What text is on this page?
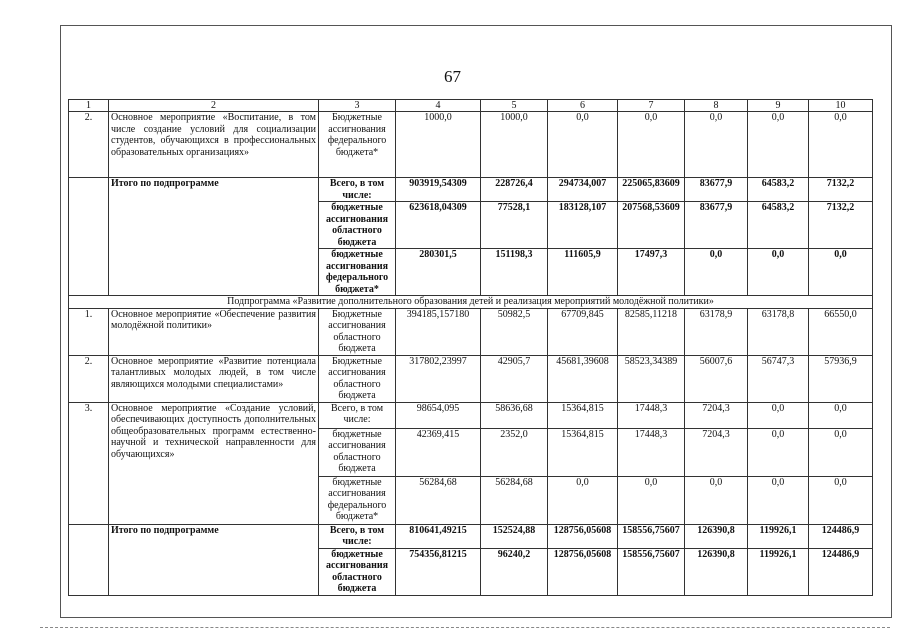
67
1	2	3	4	5	6	7	8	9	10
2.	Основное мероприятие «Воспитание, в том числе создание условий для социализации студентов, обучающихся в профессиональных образовательных организациях»	Бюджетные ассигнования федерального бюджета*	1000,0	1000,0	0,0	0,0	0,0	0,0	0,0
	Итого по подпрограмме	Всего, в том числе:	903919,54309	228726,4	294734,007	225065,83609	83677,9	64583,2	7132,2
		бюджетные ассигнования областного бюджета	623618,04309	77528,1	183128,107	207568,53609	83677,9	64583,2	7132,2
		бюджетные ассигнования федерального бюджета*	280301,5	151198,3	111605,9	17497,3	0,0	0,0	0,0
Подпрограмма «Развитие дополнительного образования детей и реализация мероприятий молодёжной политики»									
1.	Основное мероприятие «Обеспечение развития молодёжной политики»	Бюджетные ассигнования областного бюджета	394185,157180	50982,5	67709,845	82585,11218	63178,9	63178,8	66550,0
2.	Основное мероприятие «Развитие потенциала талантливых молодых людей, в том числе являющихся молодыми специалистами»	Бюджетные ассигнования областного бюджета	317802,23997	42905,7	45681,39608	58523,34389	56007,6	56747,3	57936,9
3.	Основное мероприятие «Создание условий, обеспечивающих доступность дополнительных общеобразовательных программ естественно-научной и технической направленности для обучающихся»	Всего, в том числе:	98654,095	58636,68	15364,815	17448,3	7204,3	0,0	0,0
		бюджетные ассигнования областного бюджета	42369,415	2352,0	15364,815	17448,3	7204,3	0,0	0,0
		бюджетные ассигнования федерального бюджета*	56284,68	56284,68	0,0	0,0	0,0	0,0	0,0
	Итого по подпрограмме	Всего, в том числе:	810641,49215	152524,88	128756,05608	158556,75607	126390,8	119926,1	124486,9
		бюджетные ассигнования областного бюджета	754356,81215	96240,2	128756,05608	158556,75607	126390,8	119926,1	124486,9
